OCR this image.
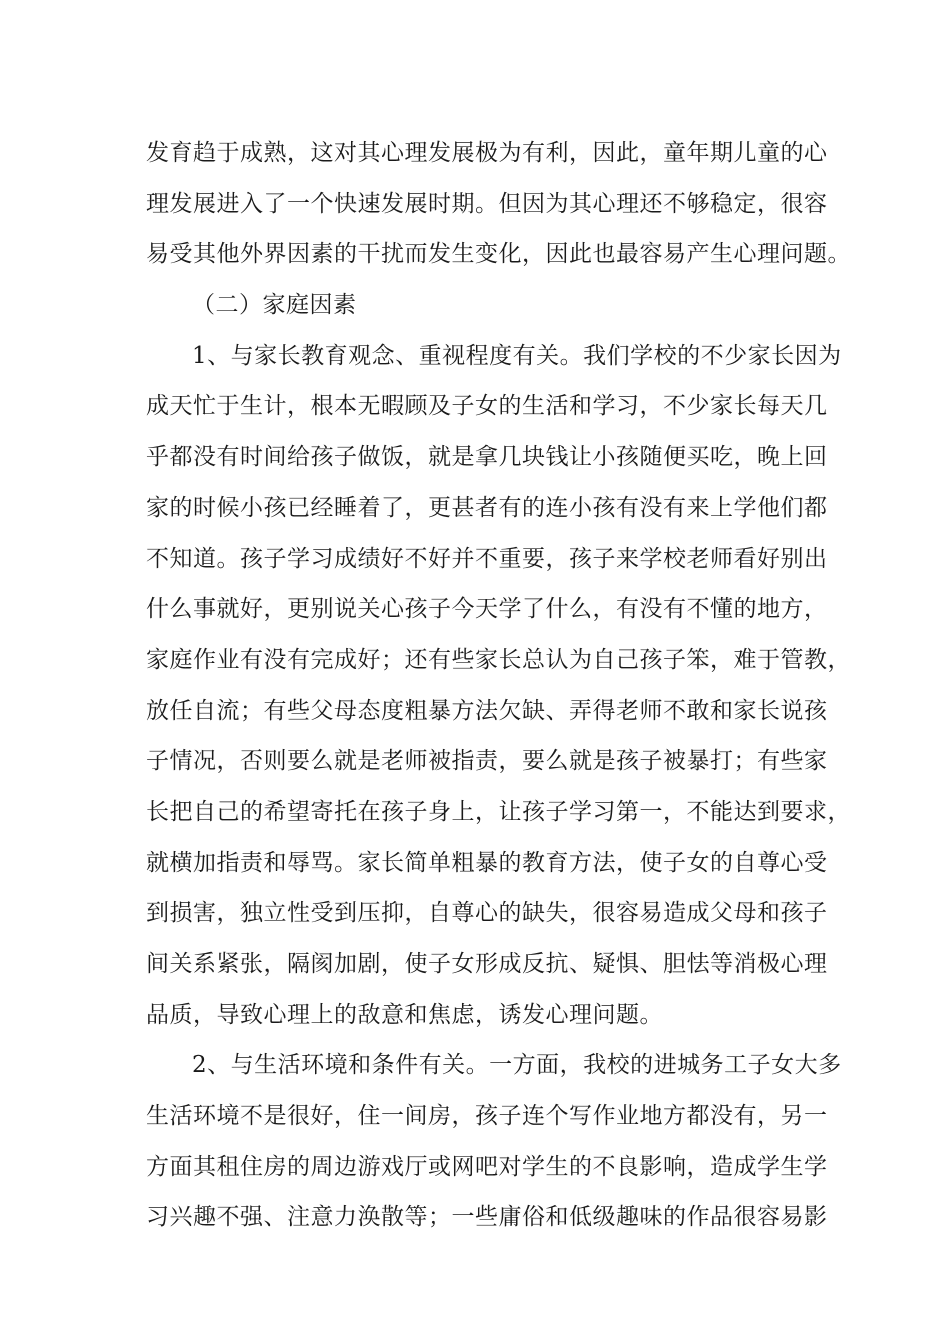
发育趋于成熟，这对其心理发展极为有利，因此，童年期儿童的心
理发展进入了一个快速发展时期。但因为其心理还不够稳定，很容
易受其他外界因素的干扰而发生变化，因此也最容易产生心理问题。
（二）家庭因素
1、与家长教育观念、重视程度有关。我们学校的不少家长因为
成天忙于生计，根本无暇顾及子女的生活和学习，不少家长每天几
乎都没有时间给孩子做饭，就是拿几块钱让小孩随便买吃，晚上回
家的时候小孩已经睡着了，更甚者有的连小孩有没有来上学他们都
不知道。孩子学习成绩好不好并不重要，孩子来学校老师看好别出
什么事就好，更别说关心孩子今天学了什么，有没有不懂的地方，
家庭作业有没有完成好；还有些家长总认为自己孩子笨，难于管教，
放任自流；有些父母态度粗暴方法欠缺、弄得老师不敢和家长说孩
子情况，否则要么就是老师被指责，要么就是孩子被暴打；有些家
长把自己的希望寄托在孩子身上，让孩子学习第一，不能达到要求，
就横加指责和辱骂。家长简单粗暴的教育方法，使子女的自尊心受
到损害，独立性受到压抑，自尊心的缺失，很容易造成父母和孩子
间关系紧张，隔阂加剧，使子女形成反抗、疑惧、胆怯等消极心理
品质，导致心理上的敌意和焦虑，诱发心理问题。
2、与生活环境和条件有关。一方面，我校的进城务工子女大多
生活环境不是很好，住一间房，孩子连个写作业地方都没有，另一
方面其租住房的周边游戏厅或网吧对学生的不良影响，造成学生学
习兴趣不强、注意力涣散等；一些庸俗和低级趣味的作品很容易影
